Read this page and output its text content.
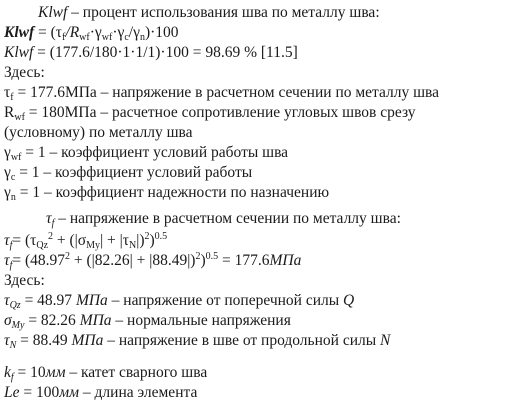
Klwf – процент использования шва по металлу шва:
Klwf = $(\tau_f/R_{wf}\cdot\gamma_{wf}\cdot\gamma_c/\gamma_n)\cdot 100$
Klwf = (177.6/180·1·1/1)·100 = 98.69 % [11.5]
Здесь:
$\tau_f = 177.6МПа$ – напряжение в расчетном сечении по металлу шва
$R_{wf} = 180МПа$ – расчетное сопротивление угловых швов срезу
(условному) по металлу шва
$\gamma_{wf} = 1$ – коэффициент условий работы шва
$\gamma_c = 1$ – коэффициент условий работы
$\gamma_n = 1$ – коэффициент надежности по назначению
$\tau_f$ – напряжение в расчетном сечении по металлу шва:
$\tau_f= (\tau_{Qz}^2 + (|\sigma_{My}| + |\tau_N|)^2)^{0.5}$
$\tau_f= (48.97^2 + (|82.26| + |88.49|)^2)^{0.5} = 177.6МПа$
Здесь:
$\tau_{Qz} = 48.97$ МПа – напряжение от поперечной силы Q
$\sigma_{My} = 82.26$ МПа – нормальные напряжения
$\tau_N = 88.49$ МПа – напряжение в шве от продольной силы N
$k_f = 10мм$ – катет сварного шва
Le = 100мм – длина элемента
